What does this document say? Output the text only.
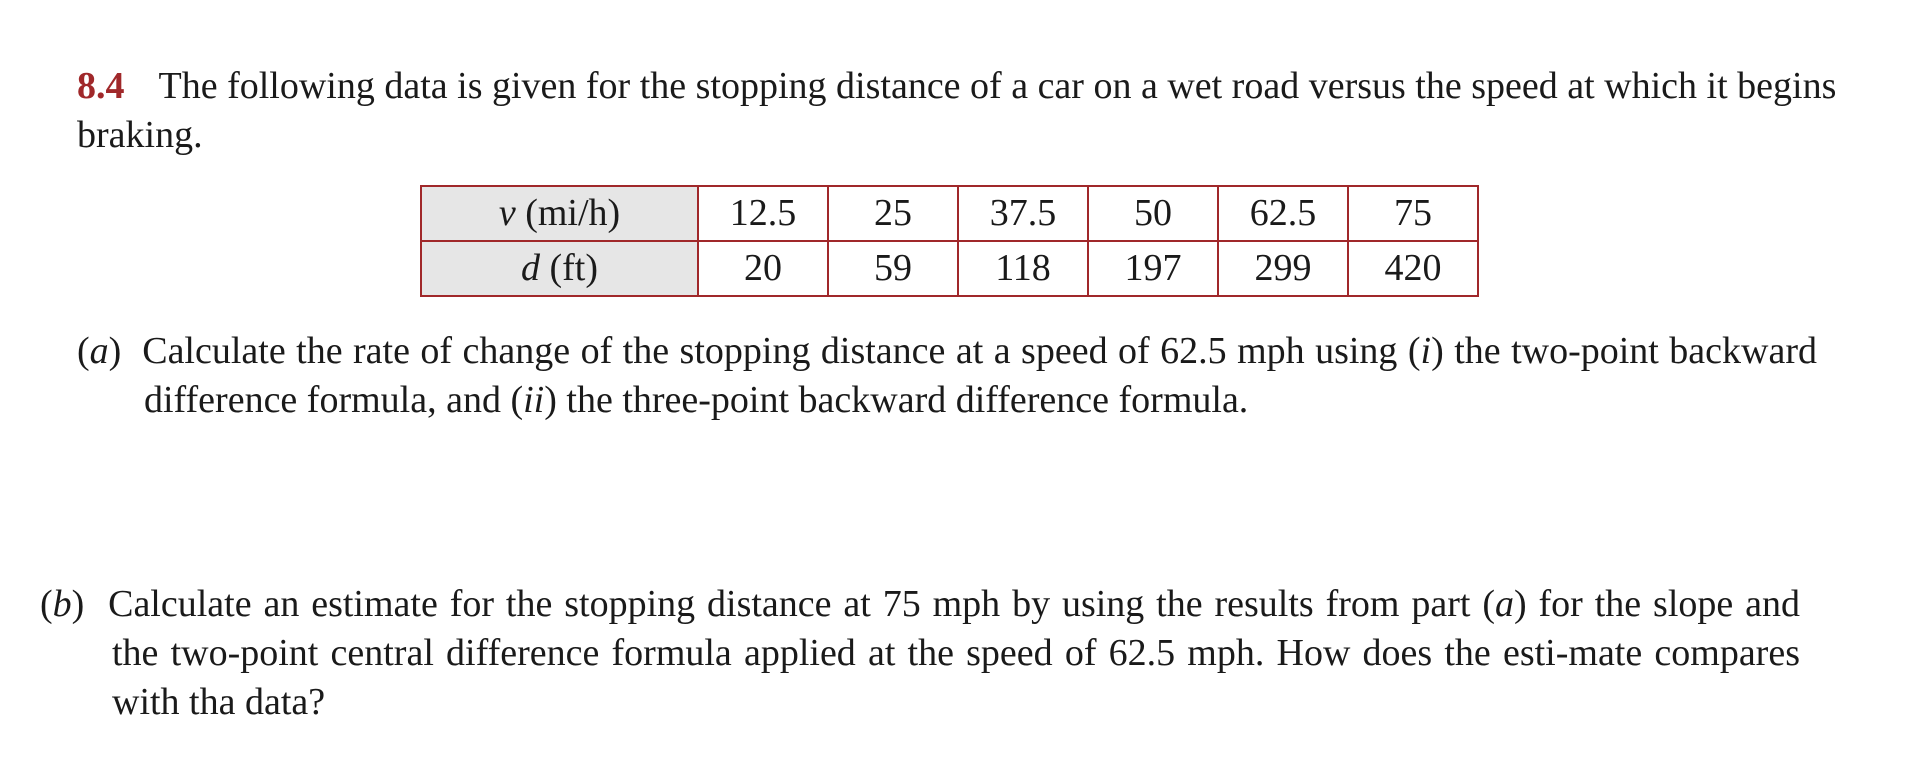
8.4 The following data is given for the stopping distance of a car on a wet road versus the speed at which it begins braking.
v (mi/h)	12.5	25	37.5	50	62.5	75
d (ft)	20	59	118	197	299	420
(a)  Calculate the rate of change of the stopping distance at a speed of 62.5 mph using (i) the two-point backward difference formula, and (ii) the three-point backward difference formula.
(b)  Calculate an estimate for the stopping distance at 75 mph by using the results from part (a) for the slope and the two-point central difference formula applied at the speed of 62.5 mph. How does the esti-mate compares with tha data?
